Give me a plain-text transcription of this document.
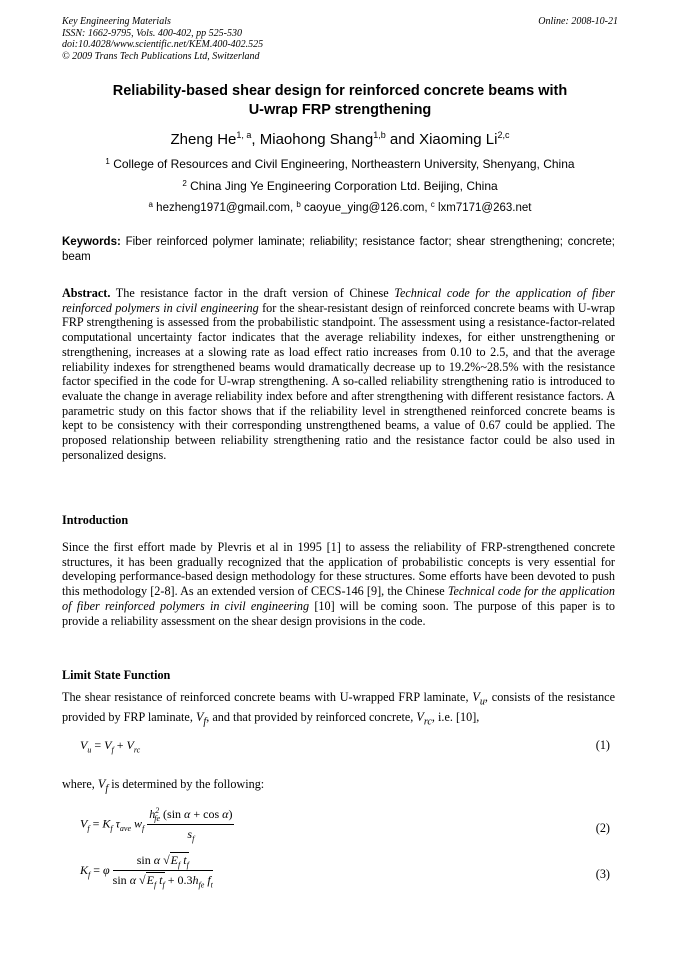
Key Engineering Materials
ISSN: 1662-9795, Vols. 400-402, pp 525-530
doi:10.4028/www.scientific.net/KEM.400-402.525
© 2009 Trans Tech Publications Ltd, Switzerland
Online: 2008-10-21
Reliability-based shear design for reinforced concrete beams with
U-wrap FRP strengthening
Zheng He$^{1, a}$, Miaohong Shang$^{1,b}$ and Xiaoming Li$^{2,c}$
$^1$ College of Resources and Civil Engineering, Northeastern University, Shenyang, China
$^2$ China Jing Ye Engineering Corporation Ltd. Beijing, China
$^a$ hezheng1971@gmail.com, $^b$ caoyue_ying@126.com, $^c$ lxm7171@263.net
Keywords: Fiber reinforced polymer laminate; reliability; resistance factor; shear strengthening; concrete; beam
Abstract. The resistance factor in the draft version of Chinese Technical code for the application of fiber reinforced polymers in civil engineering for the shear-resistant design of reinforced concrete beams with U-wrap FRP strengthening is assessed from the probabilistic standpoint. The assessment using a resistance-factor-related computational uncertainty factor indicates that the average reliability indexes, for either unstrengthening or strengthening, increases at a slowing rate as load effect ratio increases from 0.10 to 2.5, and that the average reliability indexes for strengthened beams would dramatically decrease up to 19.2%~28.5% with the resistance factor specified in the code for U-wrap strengthening. A so-called reliability strengthening ratio is introduced to evaluate the change in average reliability index before and after strengthening with different resistance factors. A parametric study on this factor shows that if the reliability level in strengthened reinforced concrete beams is kept to be consistency with their corresponding unstrengthened beams, a value of 0.67 could be applied. The proposed relationship between reliability strengthening ratio and the resistance factor could be also used in personalized designs.
Introduction
Since the first effort made by Plevris et al in 1995 [1] to assess the reliability of FRP-strengthened concrete structures, it has been gradually recognized that the application of probabilistic concepts is very essential for developing performance-based design methodology for these structures. Some efforts have been devoted to push this methodology [2-8]. As an extended version of CECS-146 [9], the Chinese Technical code for the application of fiber reinforced polymers in civil engineering [10] will be coming soon. The purpose of this paper is to provide a reliability assessment on the shear design provisions in the code.
Limit State Function
The shear resistance of reinforced concrete beams with U-wrapped FRP laminate, $V_u$, consists of the resistance provided by FRP laminate, $V_f$, and that provided by reinforced concrete, $V_{rc}$, i.e. [10],
$V_u = V_f + V_{rc}$	(1)
where, $V_f$ is determined by the following:
$V_f = K_f$ $\tau_{ave}$ $w_f \frac{h^2_{fe} (\sin \alpha + \cos \alpha)}{s_f}$	(2)
$K_f = \varphi \frac{\sin \alpha √E_f t_f}{\sin \alpha √E_f t_f + 0.3h_{fe} f_t}$	(3)
